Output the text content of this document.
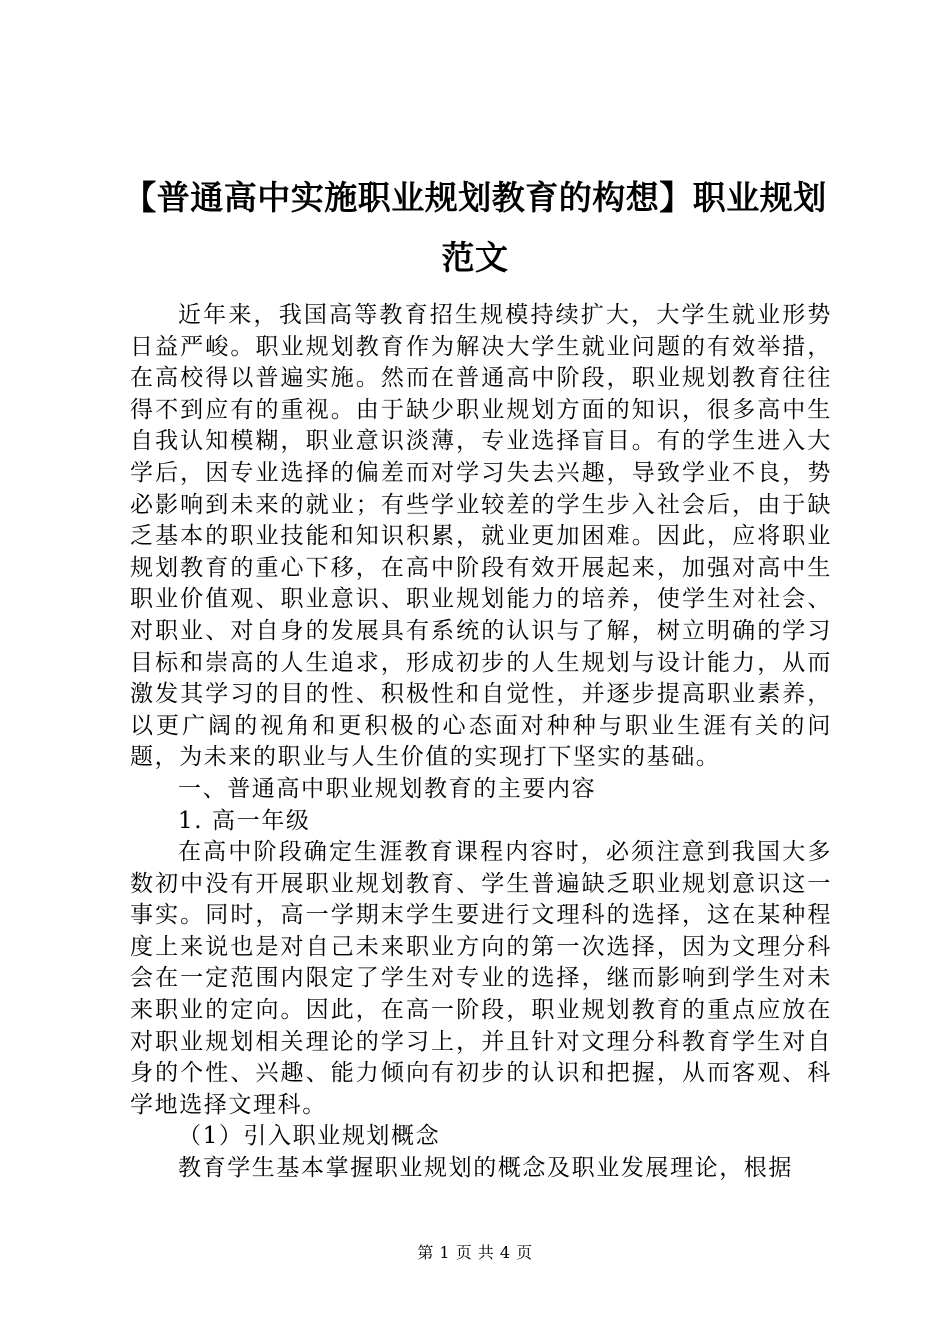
【普通高中实施职业规划教育的构想】职业规划范文

近年来，我国高等教育招生规模持续扩大，大学生就业形势日益严峻。职业规划教育作为解决大学生就业问题的有效举措，在高校得以普遍实施。然而在普通高中阶段，职业规划教育往往得不到应有的重视。由于缺少职业规划方面的知识，很多高中生自我认知模糊，职业意识淡薄，专业选择盲目。有的学生进入大学后，因专业选择的偏差而对学习失去兴趣，导致学业不良，势必影响到未来的就业；有些学业较差的学生步入社会后，由于缺乏基本的职业技能和知识积累，就业更加困难。因此，应将职业规划教育的重心下移，在高中阶段有效开展起来，加强对高中生职业价值观、职业意识、职业规划能力的培养，使学生对社会、对职业、对自身的发展具有系统的认识与了解，树立明确的学习目标和崇高的人生追求，形成初步的人生规划与设计能力，从而激发其学习的目的性、积极性和自觉性，并逐步提高职业素养，以更广阔的视角和更积极的心态面对种种与职业生涯有关的问题，为未来的职业与人生价值的实现打下坚实的基础。

一、普通高中职业规划教育的主要内容

1. 高一年级

在高中阶段确定生涯教育课程内容时，必须注意到我国大多数初中没有开展职业规划教育、学生普遍缺乏职业规划意识这一事实。同时，高一学期末学生要进行文理科的选择，这在某种程度上来说也是对自己未来职业方向的第一次选择，因为文理分科会在一定范围内限定了学生对专业的选择，继而影响到学生对未来职业的定向。因此，在高一阶段，职业规划教育的重点应放在对职业规划相关理论的学习上，并且针对文理分科教育学生对自身的个性、兴趣、能力倾向有初步的认识和把握，从而客观、科学地选择文理科。

（1）引入职业规划概念

教育学生基本掌握职业规划的概念及职业发展理论，根据

第 1 页 共 4 页
